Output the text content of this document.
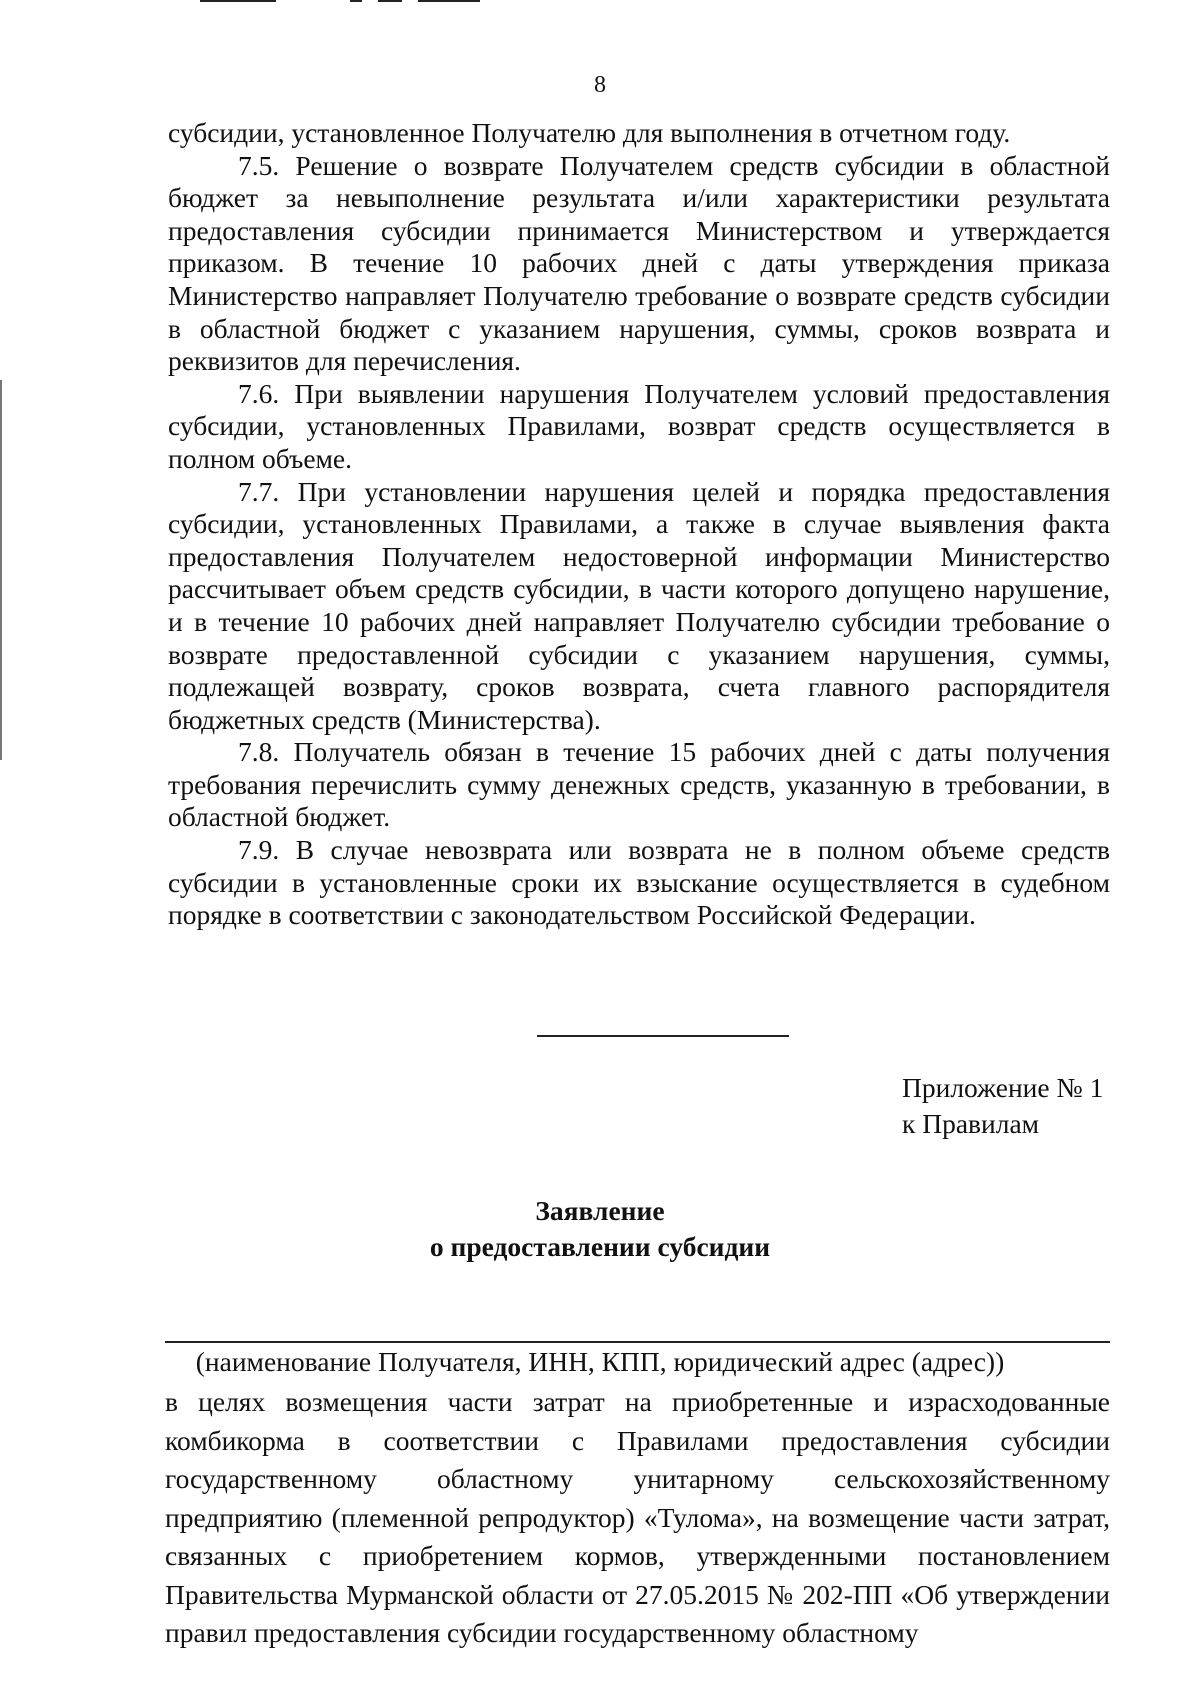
8

субсидии, установленное Получателю для выполнения в отчетном году.

7.5. Решение о возврате Получателем средств субсидии в областной бюджет за невыполнение результата и/или характеристики результата предоставления субсидии принимается Министерством и утверждается приказом. В течение 10 рабочих дней с даты утверждения приказа Министерство направляет Получателю требование о возврате средств субсидии в областной бюджет с указанием нарушения, суммы, сроков возврата и реквизитов для перечисления.

7.6. При выявлении нарушения Получателем условий предоставления субсидии, установленных Правилами, возврат средств осуществляется в полном объеме.

7.7. При установлении нарушения целей и порядка предоставления субсидии, установленных Правилами, а также в случае выявления факта предоставления Получателем недостоверной информации Министерство рассчитывает объем средств субсидии, в части которого допущено нарушение, и в течение 10 рабочих дней направляет Получателю субсидии требование о возврате предоставленной субсидии с указанием нарушения, суммы, подлежащей возврату, сроков возврата, счета главного распорядителя бюджетных средств (Министерства).

7.8. Получатель обязан в течение 15 рабочих дней с даты получения требования перечислить сумму денежных средств, указанную в требовании, в областной бюджет.

7.9. В случае невозврата или возврата не в полном объеме средств субсидии в установленные сроки их взыскание осуществляется в судебном порядке в соответствии с законодательством Российской Федерации.

Приложение № 1
к Правилам
Заявление
о предоставлении субсидии
(наименование Получателя, ИНН, КПП, юридический адрес (адрес))
в целях возмещения части затрат на приобретенные и израсходованные комбикорма в соответствии с Правилами предоставления субсидии государственному областному унитарному сельскохозяйственному предприятию (племенной репродуктор) «Тулома», на возмещение части затрат, связанных с приобретением кормов, утвержденными постановлением Правительства Мурманской области от 27.05.2015 № 202-ПП «Об утверждении правил предоставления субсидии государственному областному
